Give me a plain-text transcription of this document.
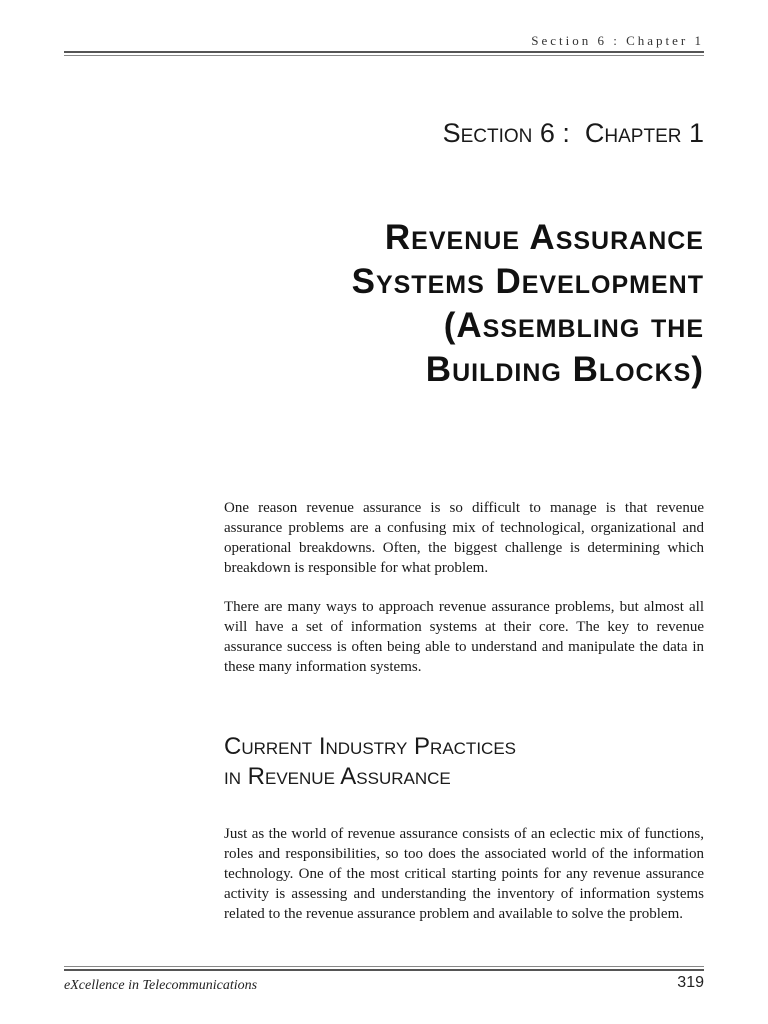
Section 6 : Chapter 1
Section 6 : Chapter 1
Revenue Assurance
Systems Development
(Assembling the
Building Blocks)

One reason revenue assurance is so difficult to manage is that revenue assurance problems are a confusing mix of technological, organizational and operational breakdowns. Often, the biggest challenge is determining which breakdown is responsible for what problem.

There are many ways to approach revenue assurance problems, but almost all will have a set of information systems at their core. The key to revenue assurance success is often being able to understand and manipulate the data in these many information systems.

Current Industry Practices
in Revenue Assurance

Just as the world of revenue assurance consists of an eclectic mix of functions, roles and responsibilities, so too does the associated world of the information technology. One of the most critical starting points for any revenue assurance activity is assessing and understanding the inventory of information systems related to the revenue assurance problem and available to solve the problem.

eXcellence in Telecommunications	319
